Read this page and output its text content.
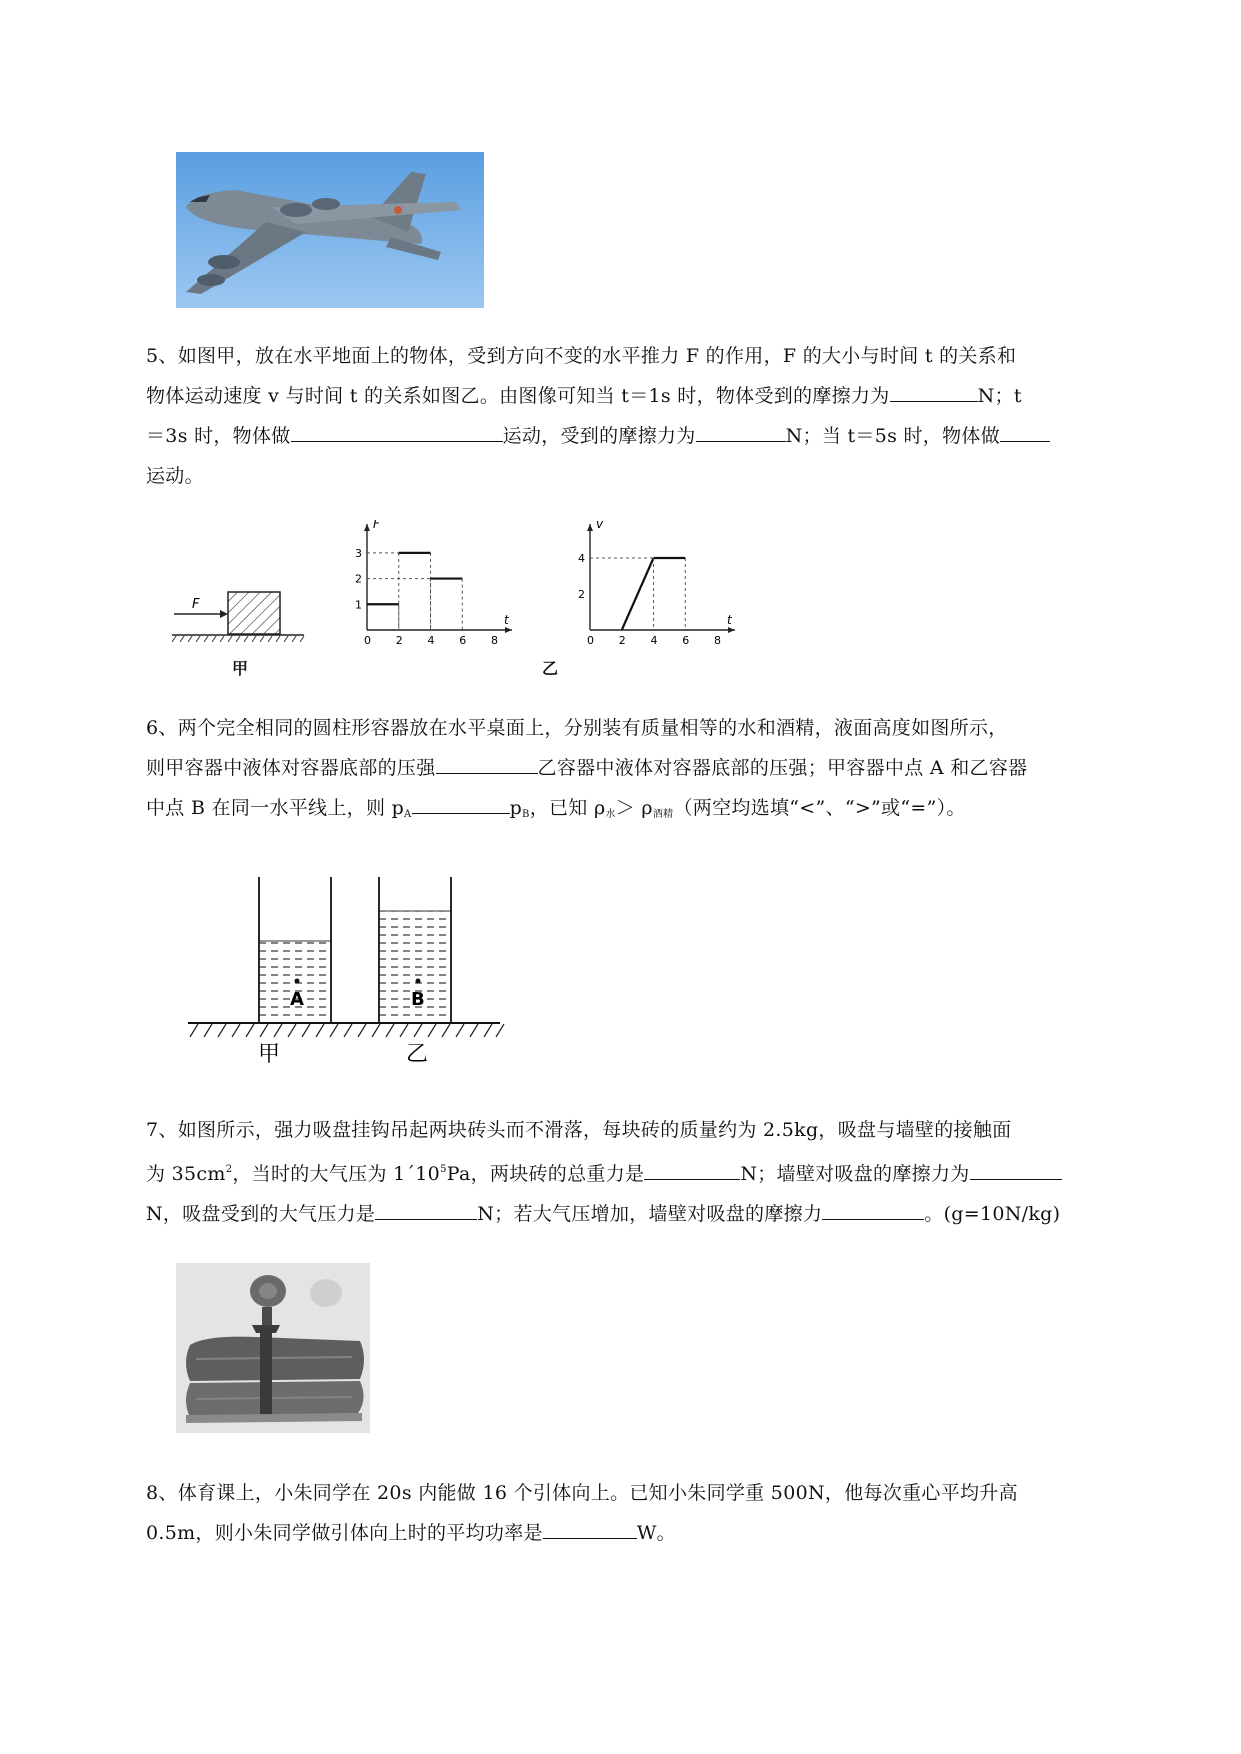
5、如图甲，放在水平地面上的物体，受到方向不变的水平推力 F 的作用，F 的大小与时间 t 的关系和
物体运动速度 v 与时间 t 的关系如图乙。由图像可知当 t＝1s 时，物体受到的摩擦力为	N；t
＝3s 时，物体做	运动，受到的摩擦力为	N；当 t＝5s 时，物体做
运动。
F
甲
F
t
0 2 4 6 8
1
2
3
v
t
0 2 4 6 8
2
4
乙
6、两个完全相同的圆柱形容器放在水平桌面上，分别装有质量相等的水和酒精，液面高度如图所示，
则甲容器中液体对容器底部的压强	乙容器中液体对容器底部的压强；甲容器中点 A 和乙容器
中点 B 在同一水平线上，则 $p_A$	$p_B$，已知 $\rho_水> \rho_{酒精}$（两空均选填“<”、“>”或“=”）。
A	B
甲	乙
7、如图所示，强力吸盘挂钩吊起两块砖头而不滑落，每块砖的质量约为 2.5kg，吸盘与墙壁的接触面
为 $35cm^2$，当时的大气压为 $1´10^5Pa$，两块砖的总重力是	N；墙壁对吸盘的摩擦力为
N，吸盘受到的大气压力是	N；若大气压增加，墙壁对吸盘的摩擦力	。(g=10N/kg)
8、体育课上，小朱同学在 20s 内能做 16 个引体向上。已知小朱同学重 500N，他每次重心平均升高
0.5m，则小朱同学做引体向上时的平均功率是	W。
